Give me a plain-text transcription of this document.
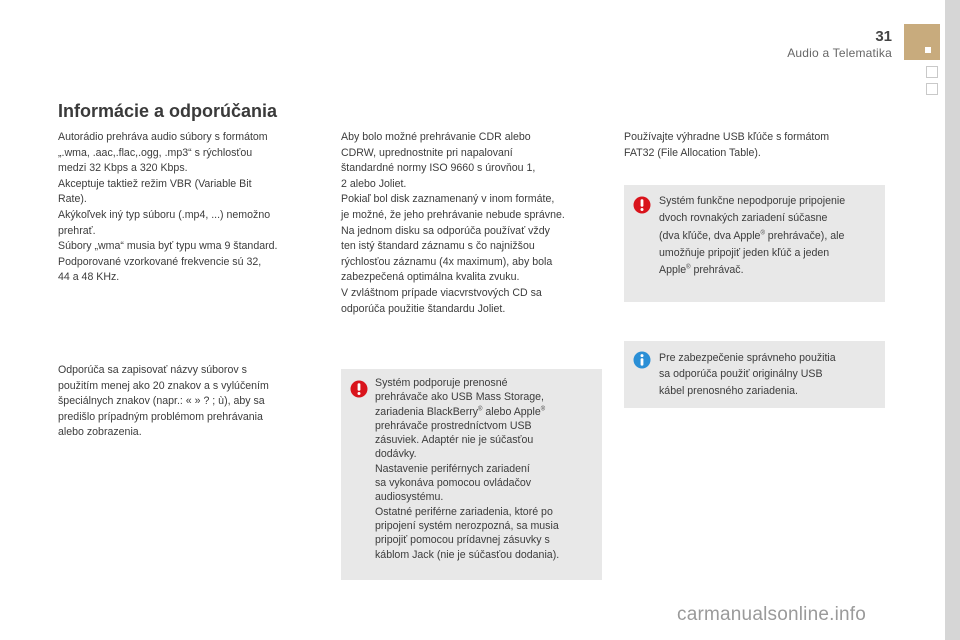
31
Audio a Telematika
Informácie a odporúčania

Autorádio prehráva audio súbory s formátom

„.wma, .aac,.flac,.ogg, .mp3“ s rýchlosťou

medzi 32 Kbps a 320 Kbps.

Akceptuje taktiež režim VBR (Variable Bit

Rate).

Akýkoľvek iný typ súboru (.mp4, ...) nemožno

prehrať.

Súbory „wma“ musia byť typu wma 9 štandard.

Podporované vzorkované frekvencie sú 32,

44 a 48 KHz.

Odporúča sa zapisovať názvy súborov s

použitím menej ako 20 znakov a s vylúčením

špeciálnych znakov (napr.: « » ? ; ù), aby sa

predišlo prípadným problémom prehrávania

alebo zobrazenia.

Aby bolo možné prehrávanie CDR alebo

CDRW, uprednostnite pri napalovaní

štandardné normy ISO 9660 s úrovňou 1,

2 alebo Joliet.

Pokiaľ bol disk zaznamenaný v inom formáte,

je možné, že jeho prehrávanie nebude správne.

Na jednom disku sa odporúča používať vždy

ten istý štandard záznamu s čo najnižšou

rýchlosťou záznamu (4x maximum), aby bola

zabezpečená optimálna kvalita zvuku.

V zvláštnom prípade viacvrstvových CD sa

odporúča použitie štandardu Joliet.

Systém podporuje prenosné

prehrávače ako USB Mass Storage,

zariadenia BlackBerry® alebo Apple®

prehrávače prostredníctvom USB

zásuviek. Adaptér nie je súčasťou

dodávky.

Nastavenie periférnych zariadení

sa vykonáva pomocou ovládačov

audiosystému.

Ostatné periférne zariadenia, ktoré po

pripojení systém nerozpozná, sa musia

pripojiť pomocou prídavnej zásuvky s

káblom Jack (nie je súčasťou dodania).

Používajte výhradne USB kľúče s formátom

FAT32 (File Allocation Table).

Systém funkčne nepodporuje pripojenie

dvoch rovnakých zariadení súčasne

(dva kľúče, dva Apple® prehrávače), ale

umožňuje pripojiť jeden kľúč a jeden

Apple® prehrávač.

Pre zabezpečenie správneho použitia

sa odporúča použiť originálny USB

kábel prenosného zariadenia.

carmanualsonline.info
